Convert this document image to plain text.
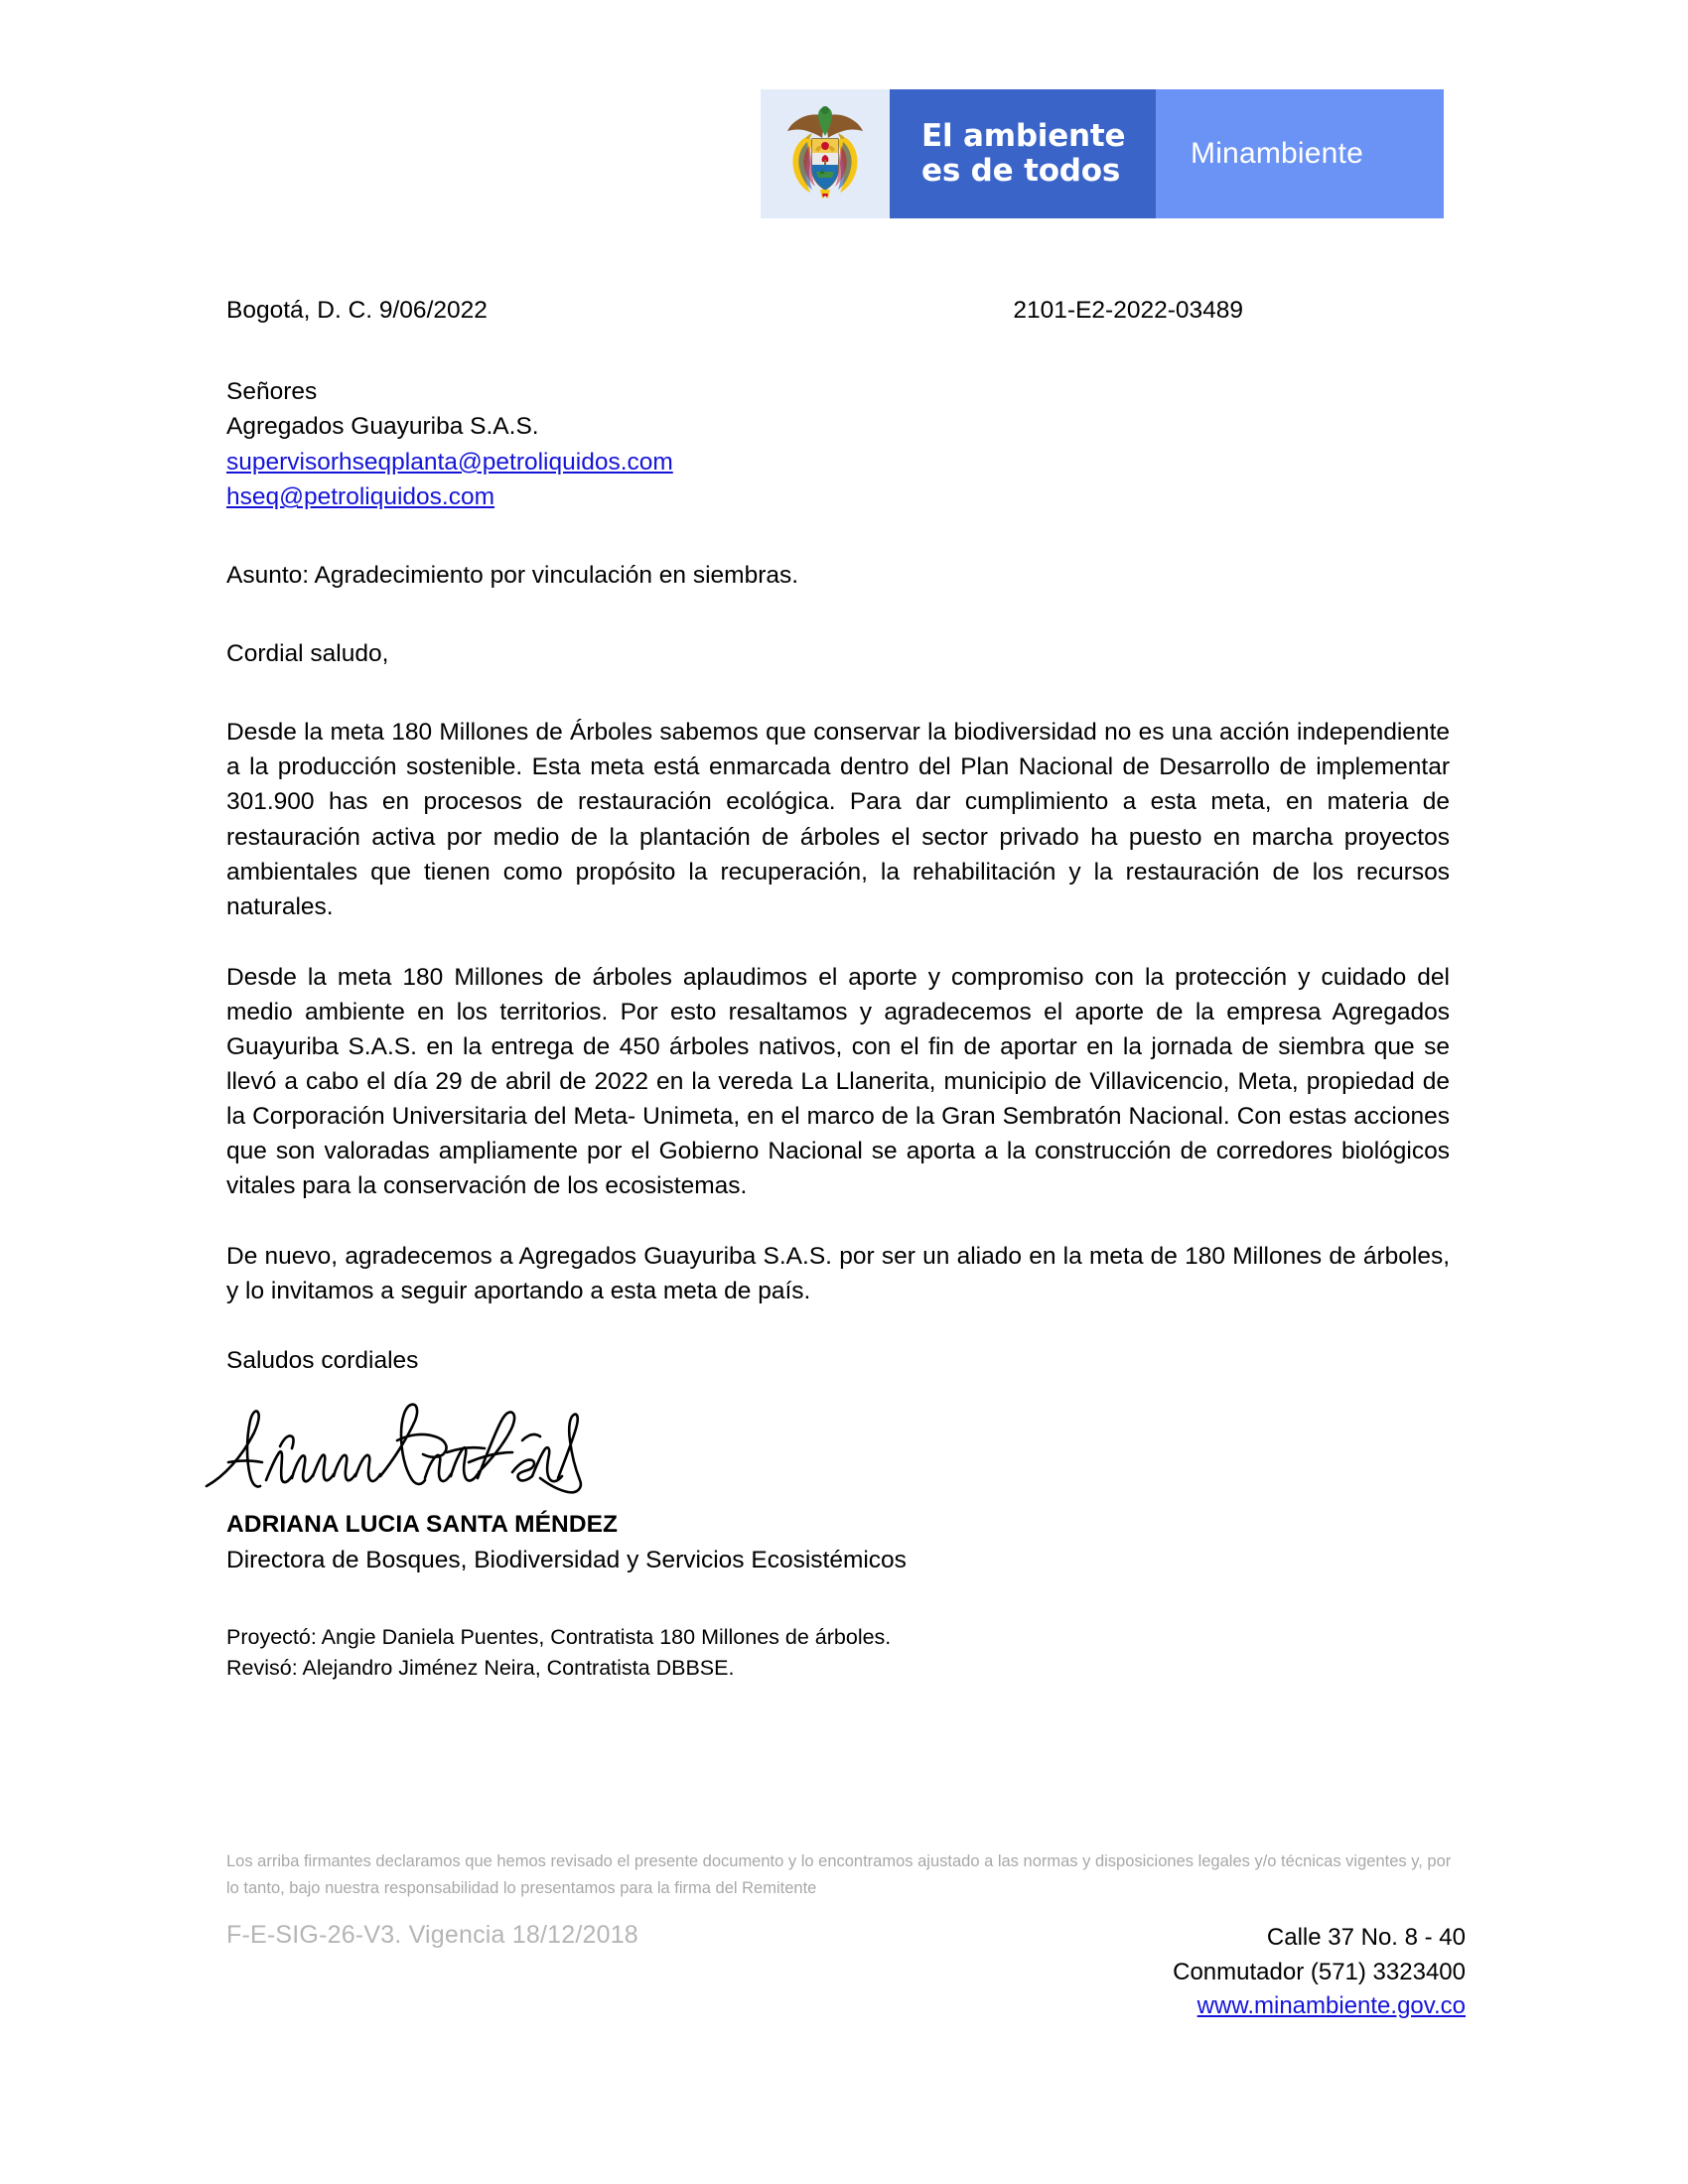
El ambiente
es de todos	Minambiente
Bogotá, D. C. 9/06/2022	2101-E2-2022-03489
Señores
Agregados Guayuriba S.A.S.
supervisorhseqplanta@petroliquidos.com
hseq@petroliquidos.com
Asunto: Agradecimiento por vinculación en siembras.
Cordial saludo,

Desde la meta 180 Millones de Árboles sabemos que conservar la biodiversidad no es una acción independiente a la producción sostenible. Esta meta está enmarcada dentro del Plan Nacional de Desarrollo de implementar 301.900 has en procesos de restauración ecológica. Para dar cumplimiento a esta meta, en materia de restauración activa por medio de la plantación de árboles el sector privado ha puesto en marcha proyectos ambientales que tienen como propósito la recuperación, la rehabilitación y la restauración de los recursos naturales.

Desde la meta 180 Millones de árboles aplaudimos el aporte y compromiso con la protección y cuidado del medio ambiente en los territorios. Por esto resaltamos y agradecemos el aporte de la empresa Agregados Guayuriba S.A.S. en la entrega de 450 árboles nativos, con el fin de aportar en la jornada de siembra que se llevó a cabo el día 29 de abril de 2022 en la vereda La Llanerita, municipio de Villavicencio, Meta, propiedad de la Corporación Universitaria del Meta- Unimeta, en el marco de la Gran Sembratón Nacional. Con estas acciones que son valoradas ampliamente por el Gobierno Nacional se aporta a la construcción de corredores biológicos vitales para la conservación de los ecosistemas.

De nuevo, agradecemos a Agregados Guayuriba S.A.S. por ser un aliado en la meta de 180 Millones de árboles, y lo invitamos a seguir aportando a esta meta de país.

Saludos cordiales
ADRIANA LUCIA SANTA MÉNDEZ
Directora de Bosques, Biodiversidad y Servicios Ecosistémicos
Proyectó: Angie Daniela Puentes, Contratista 180 Millones de árboles.
Revisó: Alejandro Jiménez Neira, Contratista DBBSE.
Los arriba firmantes declaramos que hemos revisado el presente documento y lo encontramos ajustado a las normas y disposiciones legales y/o técnicas vigentes y, por lo tanto, bajo nuestra responsabilidad lo presentamos para la firma del Remitente
F-E-SIG-26-V3. Vigencia 18/12/2018	Calle 37 No. 8 - 40
Conmutador (571) 3323400
www.minambiente.gov.co
